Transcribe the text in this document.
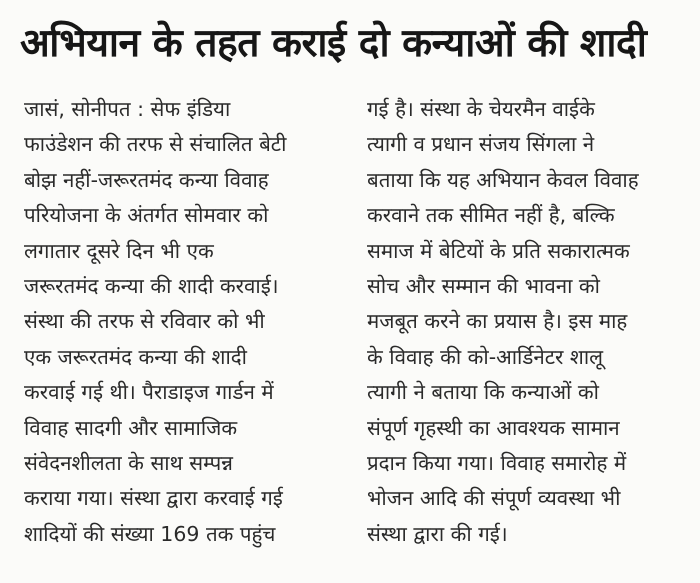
अभियान के तहत कराई दो कन्याओं की शादी
जासं, सोनीपत : सेफ इंडिया
फाउंडेशन की तरफ से संचालित बेटी
बोझ नहीं-जरूरतमंद कन्या विवाह
परियोजना के अंतर्गत सोमवार को
लगातार दूसरे दिन भी एक
जरूरतमंद कन्या की शादी करवाई।
संस्था की तरफ से रविवार को भी
एक जरूरतमंद कन्या की शादी
करवाई गई थी। पैराडाइज गार्डन में
विवाह सादगी और सामाजिक
संवेदनशीलता के साथ सम्पन्न
कराया गया। संस्था द्वारा करवाई गई
शादियों की संख्या 169 तक पहुंच
गई है। संस्था के चेयरमैन वाईके
त्यागी व प्रधान संजय सिंगला ने
बताया कि यह अभियान केवल विवाह
करवाने तक सीमित नहीं है, बल्कि
समाज में बेटियों के प्रति सकारात्मक
सोच और सम्मान की भावना को
मजबूत करने का प्रयास है। इस माह
के विवाह की को-आर्डिनेटर शालू
त्यागी ने बताया कि कन्याओं को
संपूर्ण गृहस्थी का आवश्यक सामान
प्रदान किया गया। विवाह समारोह में
भोजन आदि की संपूर्ण व्यवस्था भी
संस्था द्वारा की गई।
